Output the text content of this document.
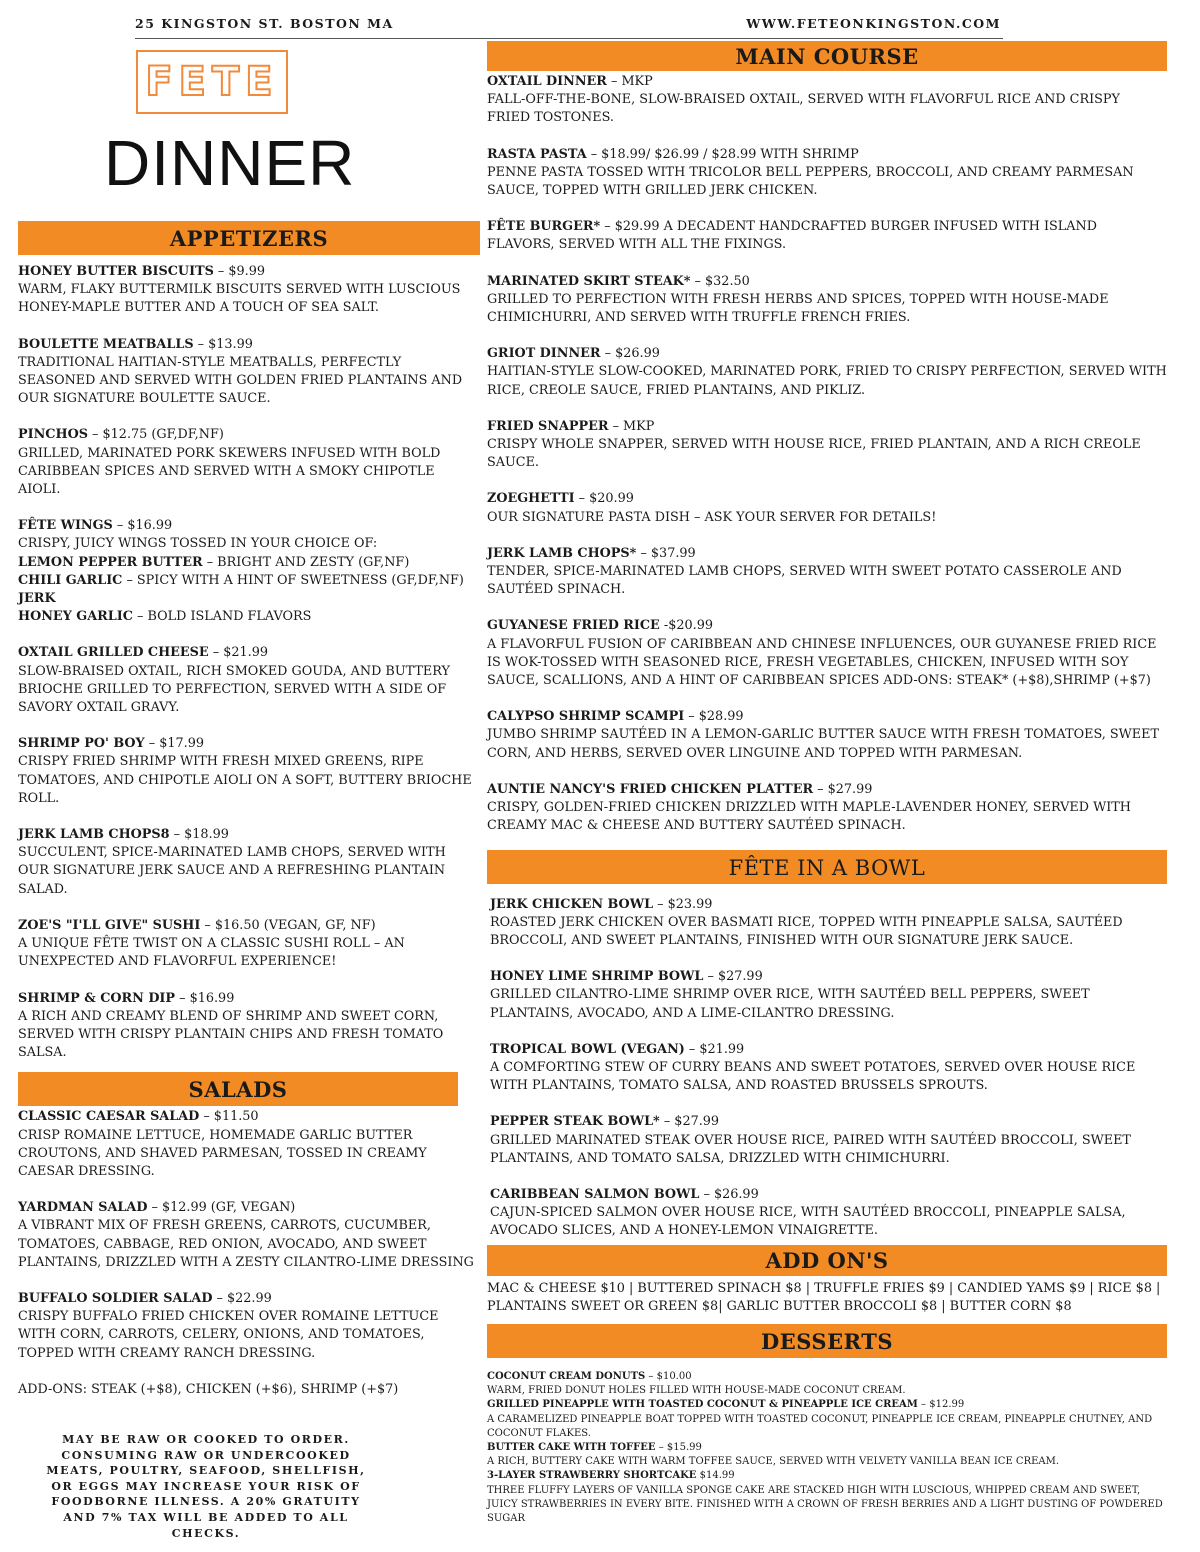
25 KINGSTON ST. BOSTON MA	WWW.FETEONKINGSTON.COM
FETE
DINNER
APPETIZERS
HONEY BUTTER BISCUITS – $9.99
WARM, FLAKY BUTTERMILK BISCUITS SERVED WITH LUSCIOUS HONEY-MAPLE BUTTER AND A TOUCH OF SEA SALT.
BOULETTE MEATBALLS – $13.99
TRADITIONAL HAITIAN-STYLE MEATBALLS, PERFECTLY SEASONED AND SERVED WITH GOLDEN FRIED PLANTAINS AND OUR SIGNATURE BOULETTE SAUCE.
PINCHOS – $12.75 (GF,DF,NF)
GRILLED, MARINATED PORK SKEWERS INFUSED WITH BOLD CARIBBEAN SPICES AND SERVED WITH A SMOKY CHIPOTLE AIOLI.
FÊTE WINGS – $16.99
CRISPY, JUICY WINGS TOSSED IN YOUR CHOICE OF:
LEMON PEPPER BUTTER – BRIGHT AND ZESTY (GF,NF)
CHILI GARLIC – SPICY WITH A HINT OF SWEETNESS (GF,DF,NF)
JERK
HONEY GARLIC – BOLD ISLAND FLAVORS
OXTAIL GRILLED CHEESE – $21.99
SLOW-BRAISED OXTAIL, RICH SMOKED GOUDA, AND BUTTERY BRIOCHE GRILLED TO PERFECTION, SERVED WITH A SIDE OF SAVORY OXTAIL GRAVY.
SHRIMP PO' BOY – $17.99
CRISPY FRIED SHRIMP WITH FRESH MIXED GREENS, RIPE TOMATOES, AND CHIPOTLE AIOLI ON A SOFT, BUTTERY BRIOCHE ROLL.
JERK LAMB CHOPS8 – $18.99
SUCCULENT, SPICE-MARINATED LAMB CHOPS, SERVED WITH OUR SIGNATURE JERK SAUCE AND A REFRESHING PLANTAIN SALAD.
ZOE'S "I'LL GIVE" SUSHI – $16.50 (VEGAN, GF, NF)
A UNIQUE FÊTE TWIST ON A CLASSIC SUSHI ROLL – AN UNEXPECTED AND FLAVORFUL EXPERIENCE!
SHRIMP & CORN DIP – $16.99
A RICH AND CREAMY BLEND OF SHRIMP AND SWEET CORN, SERVED WITH CRISPY PLANTAIN CHIPS AND FRESH TOMATO SALSA.
SALADS
CLASSIC CAESAR SALAD – $11.50
CRISP ROMAINE LETTUCE, HOMEMADE GARLIC BUTTER CROUTONS, AND SHAVED PARMESAN, TOSSED IN CREAMY CAESAR DRESSING.
YARDMAN SALAD – $12.99 (GF, VEGAN)
A VIBRANT MIX OF FRESH GREENS, CARROTS, CUCUMBER, TOMATOES, CABBAGE, RED ONION, AVOCADO, AND SWEET PLANTAINS, DRIZZLED WITH A ZESTY CILANTRO-LIME DRESSING
BUFFALO SOLDIER SALAD – $22.99
CRISPY BUFFALO FRIED CHICKEN OVER ROMAINE LETTUCE WITH CORN, CARROTS, CELERY, ONIONS, AND TOMATOES, TOPPED WITH CREAMY RANCH DRESSING.
ADD-ONS: STEAK (+$8), CHICKEN (+$6), SHRIMP (+$7)
MAY BE RAW OR COOKED TO ORDER. CONSUMING RAW OR UNDERCOOKED MEATS, POULTRY, SEAFOOD, SHELLFISH, OR EGGS MAY INCREASE YOUR RISK OF FOODBORNE ILLNESS. A 20% GRATUITY AND 7% TAX WILL BE ADDED TO ALL CHECKS.
MAIN COURSE
OXTAIL DINNER – MKP
FALL-OFF-THE-BONE, SLOW-BRAISED OXTAIL, SERVED WITH FLAVORFUL RICE AND CRISPY FRIED TOSTONES.
RASTA PASTA – $18.99/ $26.99 / $28.99 WITH SHRIMP
PENNE PASTA TOSSED WITH TRICOLOR BELL PEPPERS, BROCCOLI, AND CREAMY PARMESAN SAUCE, TOPPED WITH GRILLED JERK CHICKEN.
FÊTE BURGER* – $29.99 A DECADENT HANDCRAFTED BURGER INFUSED WITH ISLAND FLAVORS, SERVED WITH ALL THE FIXINGS.
MARINATED SKIRT STEAK* – $32.50
GRILLED TO PERFECTION WITH FRESH HERBS AND SPICES, TOPPED WITH HOUSE-MADE CHIMICHURRI, AND SERVED WITH TRUFFLE FRENCH FRIES.
GRIOT DINNER – $26.99
HAITIAN-STYLE SLOW-COOKED, MARINATED PORK, FRIED TO CRISPY PERFECTION, SERVED WITH RICE, CREOLE SAUCE, FRIED PLANTAINS, AND PIKLIZ.
FRIED SNAPPER – MKP
CRISPY WHOLE SNAPPER, SERVED WITH HOUSE RICE, FRIED PLANTAIN, AND A RICH CREOLE SAUCE.
ZOEGHETTI – $20.99
OUR SIGNATURE PASTA DISH – ASK YOUR SERVER FOR DETAILS!
JERK LAMB CHOPS* – $37.99
TENDER, SPICE-MARINATED LAMB CHOPS, SERVED WITH SWEET POTATO CASSEROLE AND SAUTÉED SPINACH.
GUYANESE FRIED RICE -$20.99
A FLAVORFUL FUSION OF CARIBBEAN AND CHINESE INFLUENCES, OUR GUYANESE FRIED RICE IS WOK-TOSSED WITH SEASONED RICE, FRESH VEGETABLES, CHICKEN, INFUSED WITH SOY SAUCE, SCALLIONS, AND A HINT OF CARIBBEAN SPICES ADD-ONS: STEAK* (+$8),SHRIMP (+$7)
CALYPSO SHRIMP SCAMPI – $28.99
JUMBO SHRIMP SAUTÉED IN A LEMON-GARLIC BUTTER SAUCE WITH FRESH TOMATOES, SWEET CORN, AND HERBS, SERVED OVER LINGUINE AND TOPPED WITH PARMESAN.
AUNTIE NANCY'S FRIED CHICKEN PLATTER – $27.99
CRISPY, GOLDEN-FRIED CHICKEN DRIZZLED WITH MAPLE-LAVENDER HONEY, SERVED WITH CREAMY MAC & CHEESE AND BUTTERY SAUTÉED SPINACH.
FÊTE IN A BOWL
JERK CHICKEN BOWL – $23.99
ROASTED JERK CHICKEN OVER BASMATI RICE, TOPPED WITH PINEAPPLE SALSA, SAUTÉED BROCCOLI, AND SWEET PLANTAINS, FINISHED WITH OUR SIGNATURE JERK SAUCE.
HONEY LIME SHRIMP BOWL – $27.99
GRILLED CILANTRO-LIME SHRIMP OVER RICE, WITH SAUTÉED BELL PEPPERS, SWEET PLANTAINS, AVOCADO, AND A LIME-CILANTRO DRESSING.
TROPICAL BOWL (VEGAN) – $21.99
A COMFORTING STEW OF CURRY BEANS AND SWEET POTATOES, SERVED OVER HOUSE RICE WITH PLANTAINS, TOMATO SALSA, AND ROASTED BRUSSELS SPROUTS.
PEPPER STEAK BOWL* – $27.99
GRILLED MARINATED STEAK OVER HOUSE RICE, PAIRED WITH SAUTÉED BROCCOLI, SWEET PLANTAINS, AND TOMATO SALSA, DRIZZLED WITH CHIMICHURRI.
CARIBBEAN SALMON BOWL – $26.99
CAJUN-SPICED SALMON OVER HOUSE RICE, WITH SAUTÉED BROCCOLI, PINEAPPLE SALSA, AVOCADO SLICES, AND A HONEY-LEMON VINAIGRETTE.
ADD ON'S
MAC & CHEESE $10 | BUTTERED SPINACH $8 | TRUFFLE FRIES $9 | CANDIED YAMS $9 | RICE $8 | PLANTAINS SWEET OR GREEN $8| GARLIC BUTTER BROCCOLI $8 | BUTTER CORN $8
DESSERTS
COCONUT CREAM DONUTS – $10.00
WARM, FRIED DONUT HOLES FILLED WITH HOUSE-MADE COCONUT CREAM.
GRILLED PINEAPPLE WITH TOASTED COCONUT & PINEAPPLE ICE CREAM – $12.99
A CARAMELIZED PINEAPPLE BOAT TOPPED WITH TOASTED COCONUT, PINEAPPLE ICE CREAM, PINEAPPLE CHUTNEY, AND COCONUT FLAKES.
BUTTER CAKE WITH TOFFEE – $15.99
A RICH, BUTTERY CAKE WITH WARM TOFFEE SAUCE, SERVED WITH VELVETY VANILLA BEAN ICE CREAM.
3-LAYER STRAWBERRY SHORTCAKE $14.99
THREE FLUFFY LAYERS OF VANILLA SPONGE CAKE ARE STACKED HIGH WITH LUSCIOUS, WHIPPED CREAM AND SWEET, JUICY STRAWBERRIES IN EVERY BITE. FINISHED WITH A CROWN OF FRESH BERRIES AND A LIGHT DUSTING OF POWDERED SUGAR
